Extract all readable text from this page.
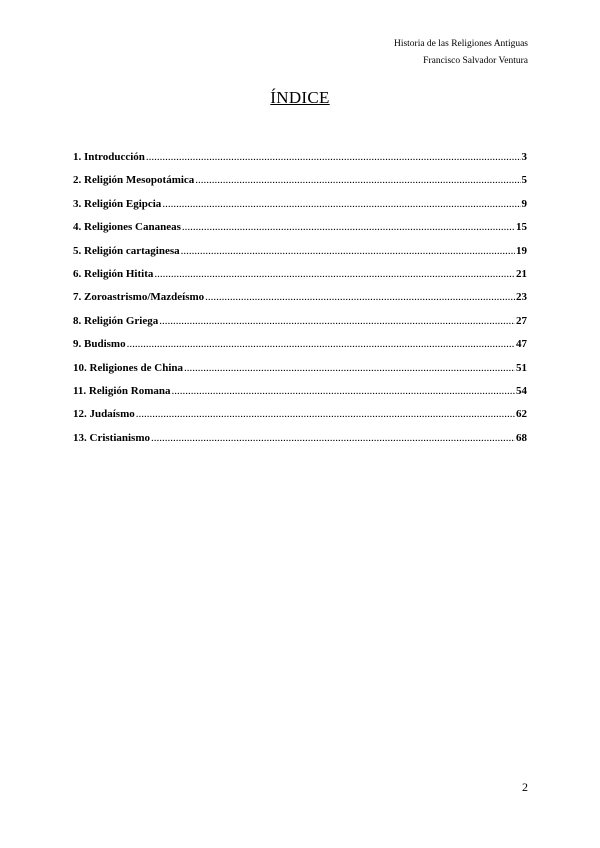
Historia de las Religiones Antiguas
Francisco Salvador Ventura
ÍNDICE
1. Introducción .....	3
2. Religión Mesopotámica .....	5
3. Religión Egipcia .....	9
4. Religiones Cananeas .....	15
5. Religión cartaginesa .....	19
6. Religión Hitita .....	21
7. Zoroastrismo/Mazdeísmo .....	23
8. Religión Griega .....	27
9. Budismo .....	47
10. Religiones de China .....	51
11. Religión Romana .....	54
12. Judaísmo .....	62
13. Cristianismo .....	68
2
